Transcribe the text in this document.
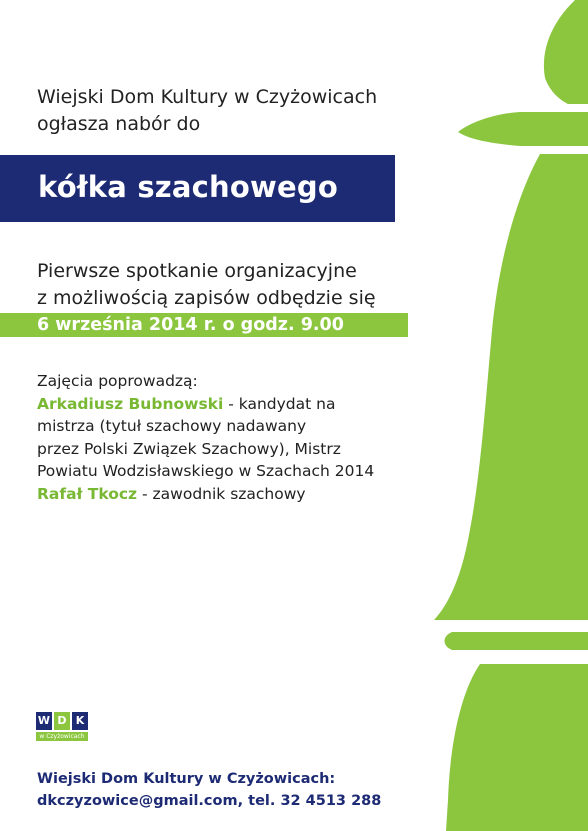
Wiejski Dom Kultury w Czyżowicach
ogłasza nabór do
kółka szachowego
Pierwsze spotkanie organizacyjne
z możliwością zapisów odbędzie się
6 września 2014 r. o godz. 9.00
Zajęcia poprowadzą:
Arkadiusz Bubnowski - kandydat na
mistrza (tytuł szachowy nadawany
przez Polski Związek Szachowy), Mistrz
Powiatu Wodzisławskiego w Szachach 2014
Rafał Tkocz - zawodnik szachowy
W D K
w Czyżowicach
Wiejski Dom Kultury w Czyżowicach:
dkczyzowice@gmail.com, tel. 32 4513 288
